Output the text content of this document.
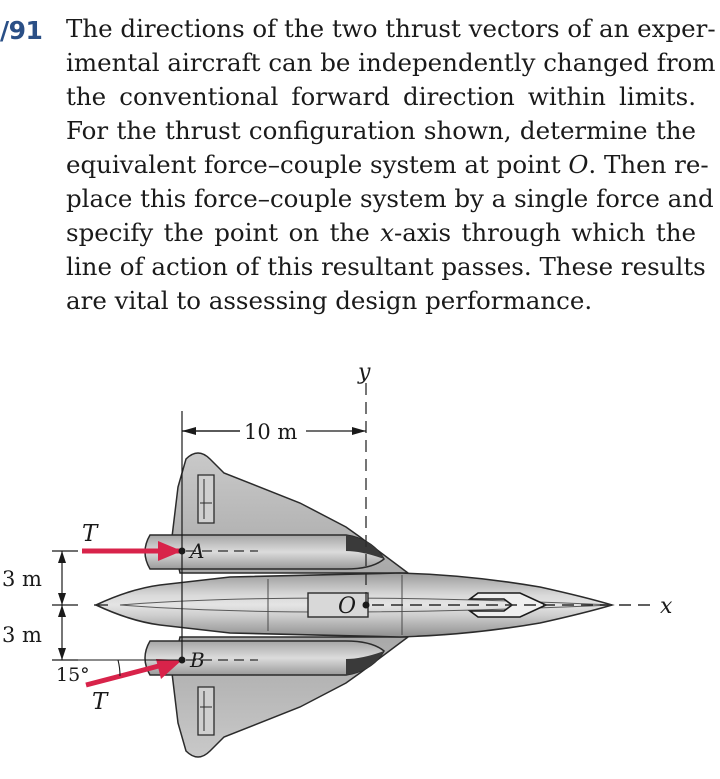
/91 The directions of the two thrust vectors of an exper-
imental aircraft can be independently changed from
the conventional forward direction within limits.
For the thrust configuration shown, determine the
equivalent force–couple system at point O. Then re-
place this force–couple system by a single force and
specify the point on the x-axis through which the
line of action of this resultant passes. These results
are vital to assessing design performance.
y
x
10 m
3 m
3 m
15°
T
T
A
B
O
